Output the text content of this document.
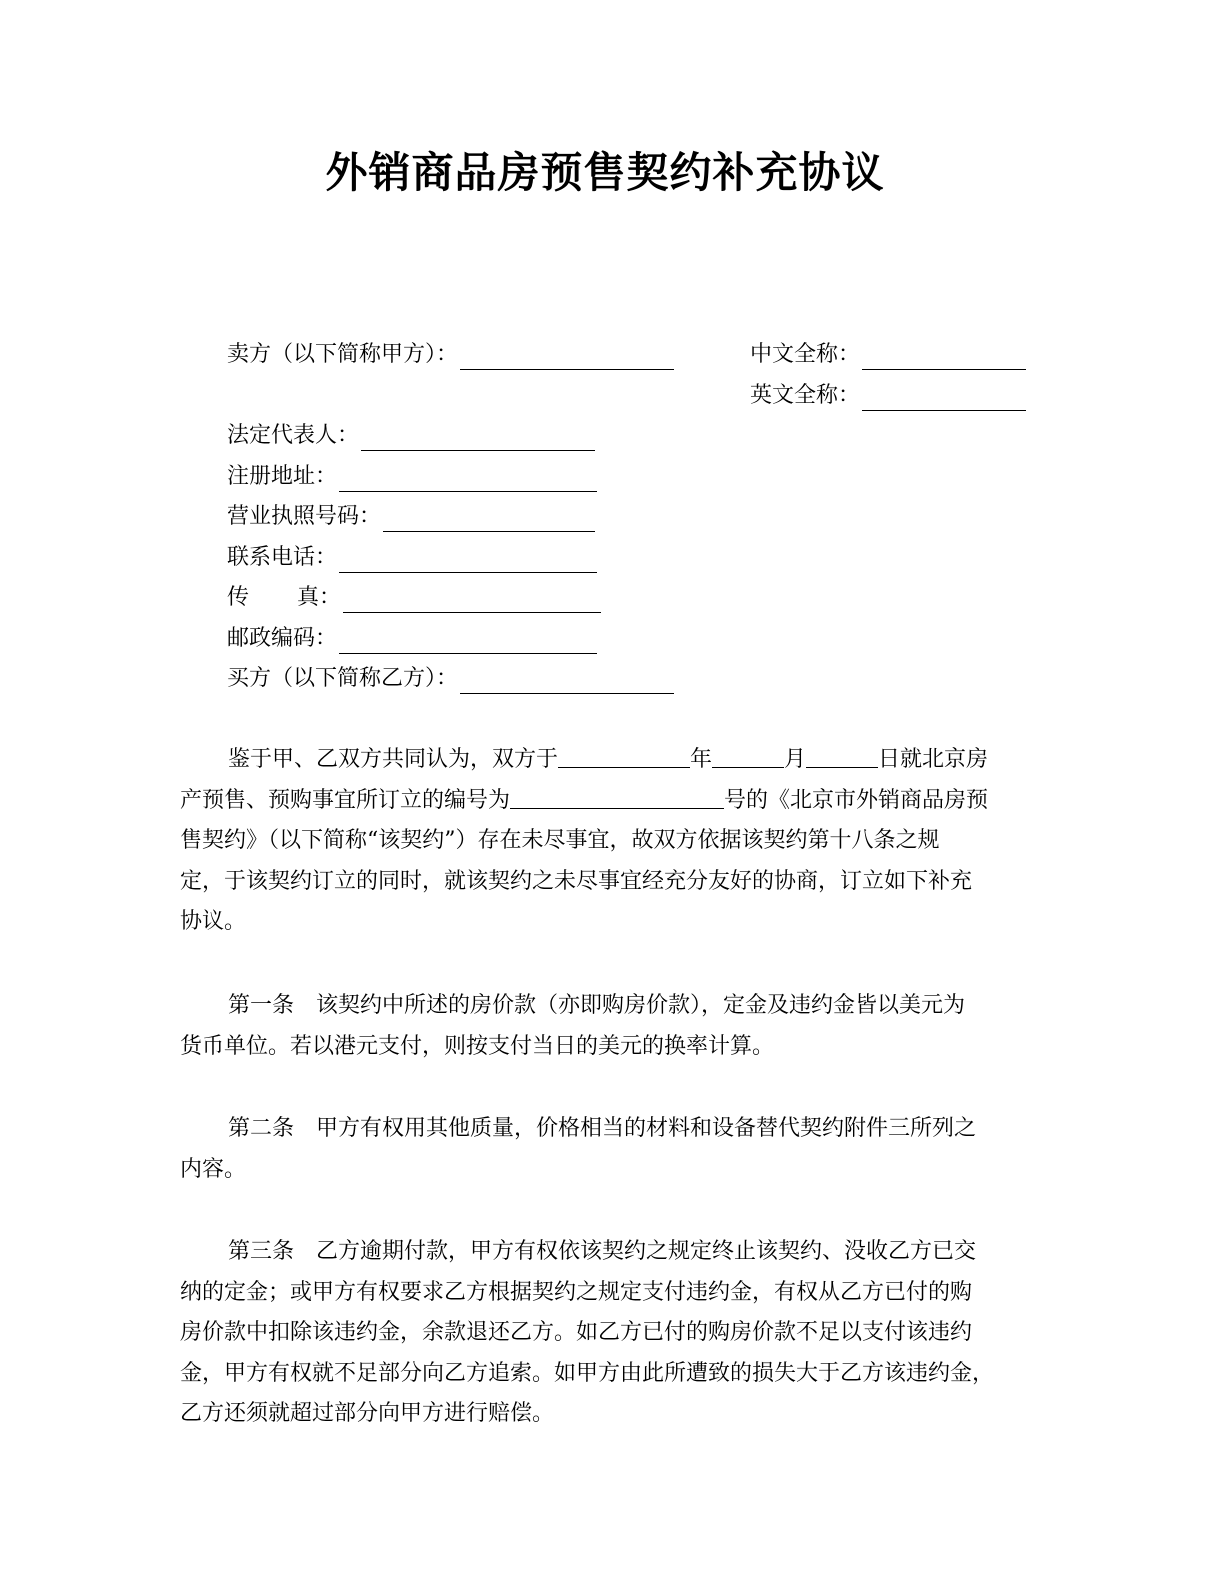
外销商品房预售契约补充协议
卖方（以下简称甲方）：	中文全称：
英文全称：
法定代表人：
注册地址：
营业执照号码：
联系电话：
传 真：
邮政编码：
买方（以下简称乙方）：
鉴于甲、乙双方共同认为，双方于	年	月	日就北京房
产预售、预购事宜所订立的编号为	号的《北京市外销商品房预
售契约》（以下简称“该契约”）存在未尽事宜，故双方依据该契约第十八条之规
定，于该契约订立的同时，就该契约之未尽事宜经充分友好的协商，订立如下补充
协议。
第一条 该契约中所述的房价款（亦即购房价款），定金及违约金皆以美元为
货币单位。若以港元支付，则按支付当日的美元的换率计算。
第二条 甲方有权用其他质量，价格相当的材料和设备替代契约附件三所列之
内容。
第三条 乙方逾期付款，甲方有权依该契约之规定终止该契约、没收乙方已交
纳的定金；或甲方有权要求乙方根据契约之规定支付违约金，有权从乙方已付的购
房价款中扣除该违约金，余款退还乙方。如乙方已付的购房价款不足以支付该违约
金，甲方有权就不足部分向乙方追索。如甲方由此所遭致的损失大于乙方该违约金，
乙方还须就超过部分向甲方进行赔偿。
